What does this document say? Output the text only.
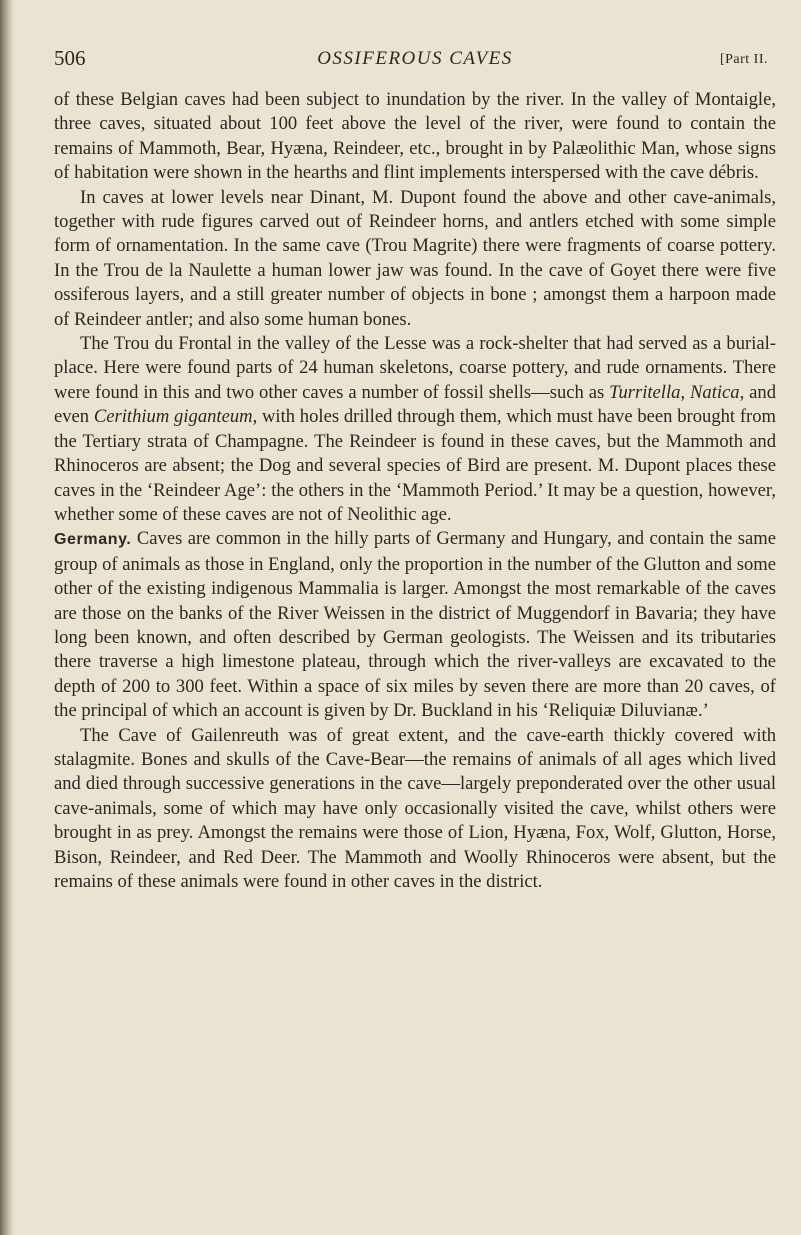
506	OSSIFEROUS CAVES	[Part II.

of these Belgian caves had been subject to inundation by the river. In the valley of Montaigle, three caves, situated about 100 feet above the level of the river, were found to contain the remains of Mammoth, Bear, Hyæna, Reindeer, etc., brought in by Palæolithic Man, whose signs of habitation were shown in the hearths and flint implements interspersed with the cave débris.

In caves at lower levels near Dinant, M. Dupont found the above and other cave-animals, together with rude figures carved out of Reindeer horns, and antlers etched with some simple form of ornamentation. In the same cave (Trou Magrite) there were fragments of coarse pottery. In the Trou de la Naulette a human lower jaw was found. In the cave of Goyet there were five ossiferous layers, and a still greater number of objects in bone ; amongst them a harpoon made of Reindeer antler; and also some human bones.

The Trou du Frontal in the valley of the Lesse was a rock-shelter that had served as a burial-place. Here were found parts of 24 human skeletons, coarse pottery, and rude ornaments. There were found in this and two other caves a number of fossil shells—such as Turritella, Natica, and even Cerithium giganteum, with holes drilled through them, which must have been brought from the Tertiary strata of Champagne. The Reindeer is found in these caves, but the Mammoth and Rhinoceros are absent; the Dog and several species of Bird are present. M. Dupont places these caves in the ‘Reindeer Age’: the others in the ‘Mammoth Period.’ It may be a question, however, whether some of these caves are not of Neolithic age.

Germany. Caves are common in the hilly parts of Germany and Hungary, and contain the same group of animals as those in England, only the proportion in the number of the Glutton and some other of the existing indigenous Mammalia is larger. Amongst the most remarkable of the caves are those on the banks of the River Weissen in the district of Muggendorf in Bavaria; they have long been known, and often described by German geologists. The Weissen and its tributaries there traverse a high limestone plateau, through which the river-valleys are excavated to the depth of 200 to 300 feet. Within a space of six miles by seven there are more than 20 caves, of the principal of which an account is given by Dr. Buckland in his ‘Reliquiæ Diluvianæ.’

The Cave of Gailenreuth was of great extent, and the cave-earth thickly covered with stalagmite. Bones and skulls of the Cave-Bear—the remains of animals of all ages which lived and died through successive generations in the cave—largely preponderated over the other usual cave-animals, some of which may have only occasionally visited the cave, whilst others were brought in as prey. Amongst the remains were those of Lion, Hyæna, Fox, Wolf, Glutton, Horse, Bison, Reindeer, and Red Deer. The Mammoth and Woolly Rhinoceros were absent, but the remains of these animals were found in other caves in the district.
